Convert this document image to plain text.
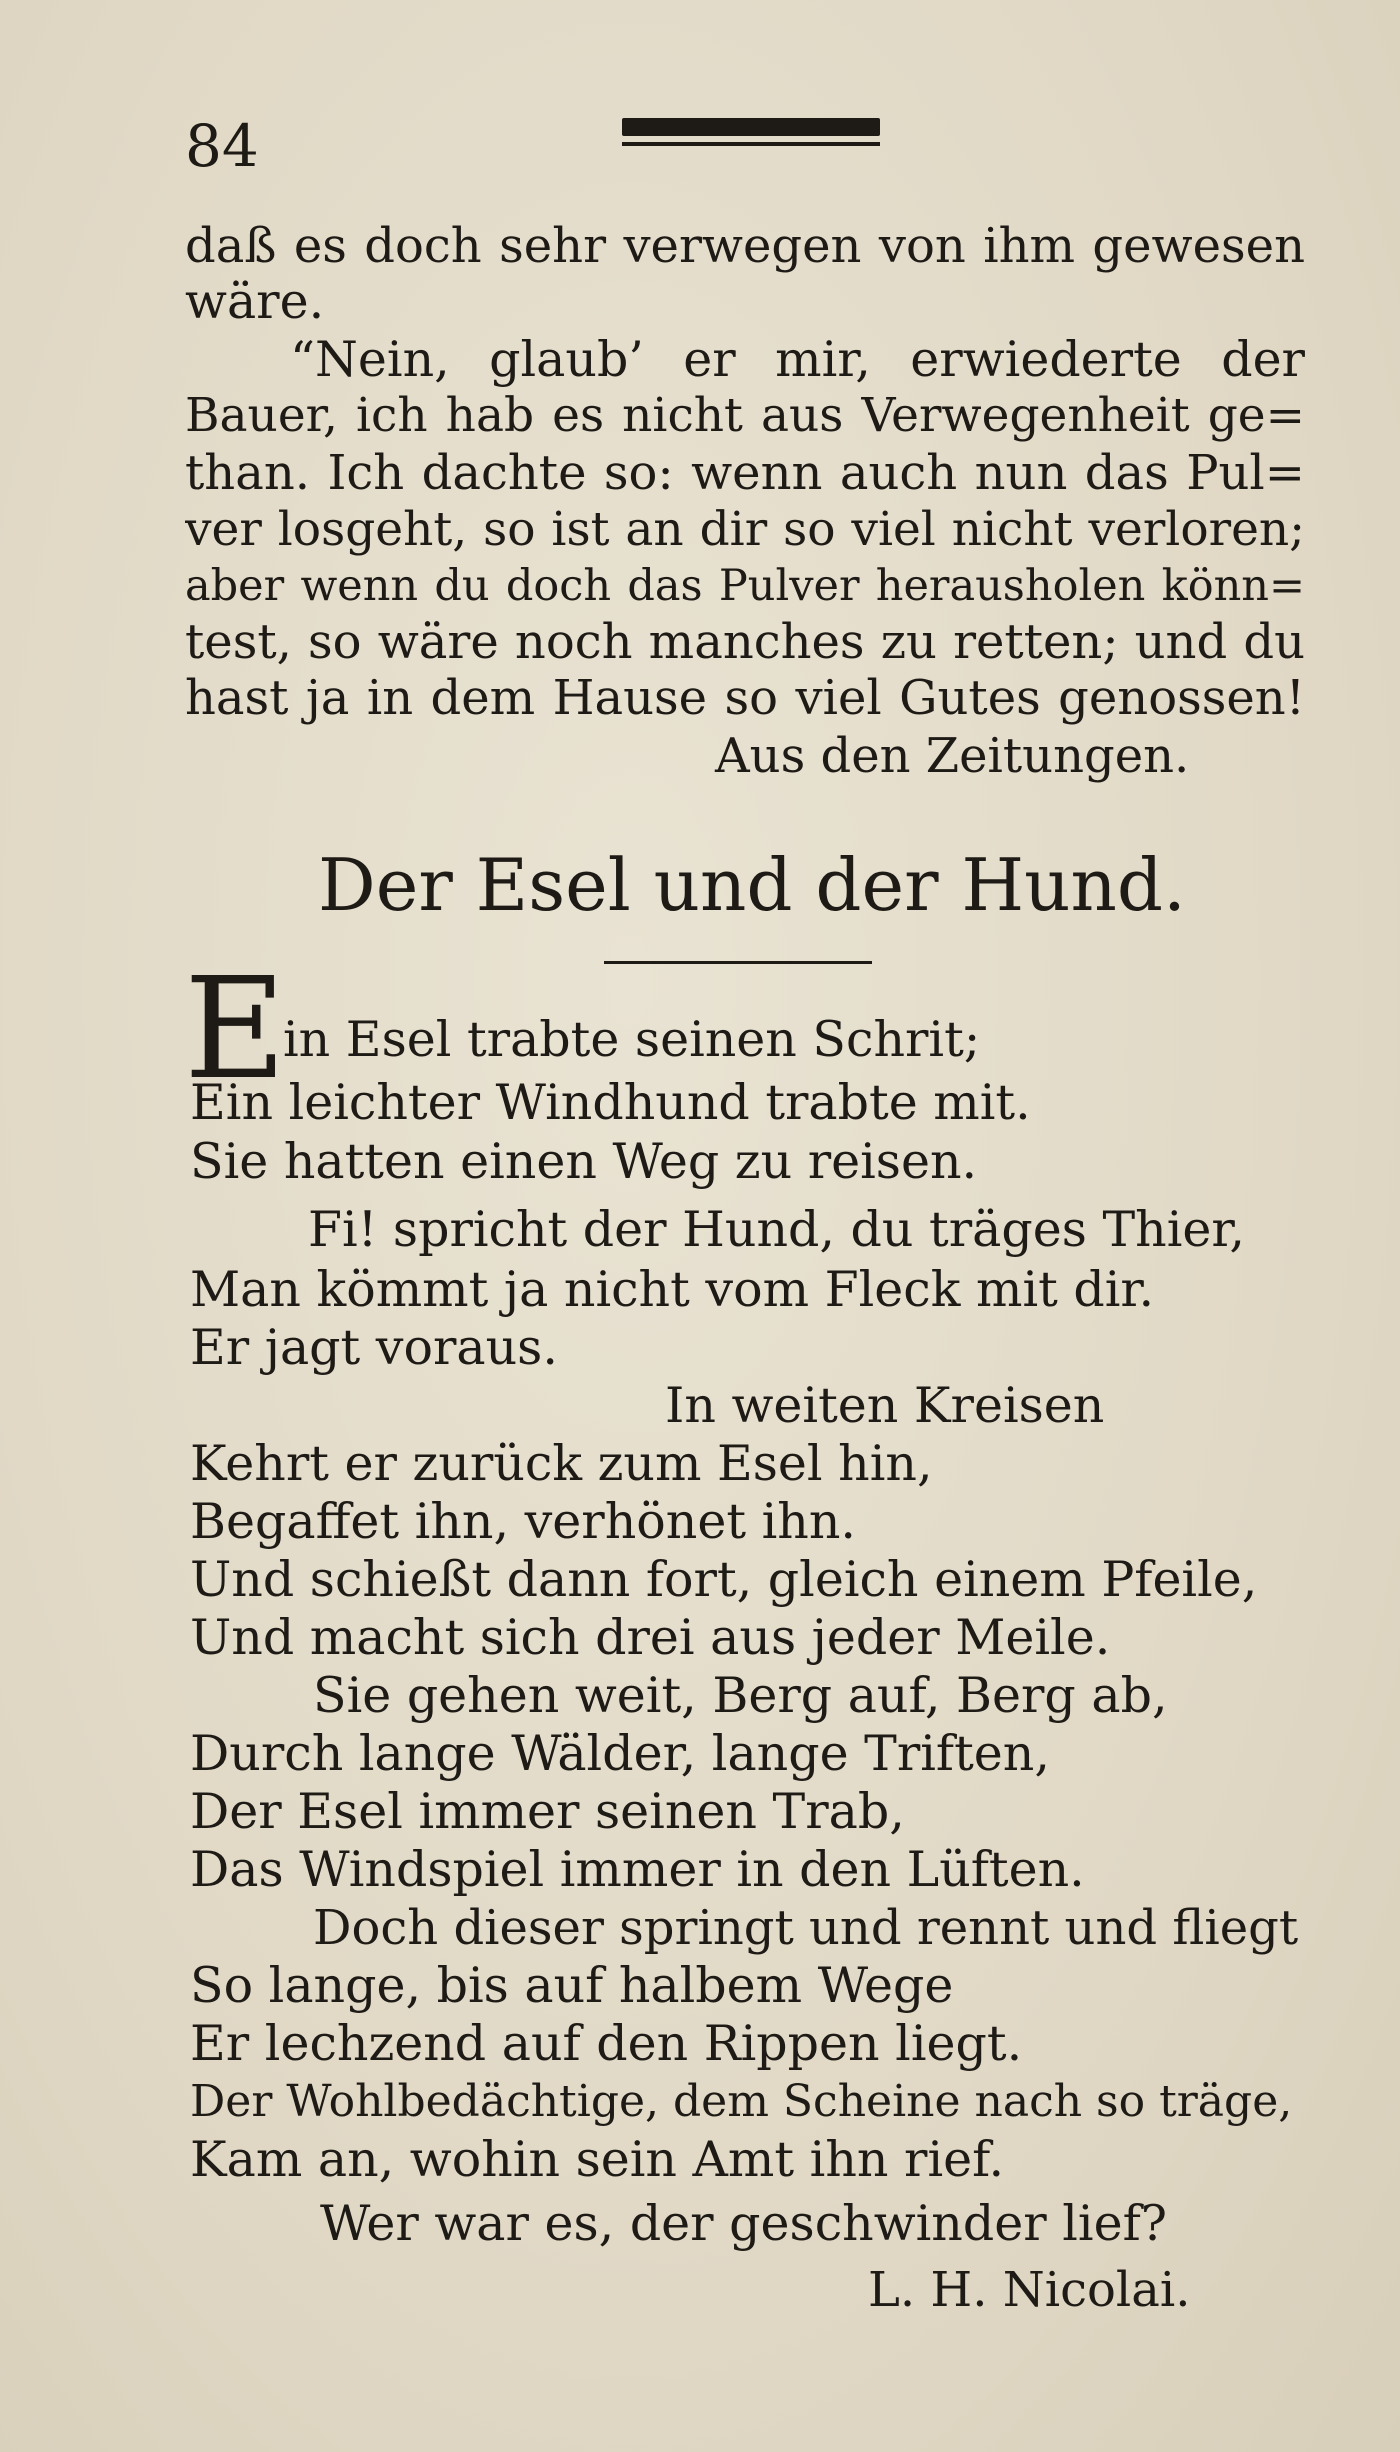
84
daß es doch sehr verwegen von ihm gewesen
wäre.
“Nein, glaub’ er mir, erwiederte der
Bauer, ich hab es nicht aus Verwegenheit ge=
than. Ich dachte so: wenn auch nun das Pul=
ver losgeht, so ist an dir so viel nicht verloren;
aber wenn du doch das Pulver herausholen könn=
test, so wäre noch manches zu retten; und du
hast ja in dem Hause so viel Gutes genossen!
Aus den Zeitungen.
Der Esel und der Hund.
E
in Esel trabte seinen Schrit;
Ein leichter Windhund trabte mit.
Sie hatten einen Weg zu reisen.
Fi! spricht der Hund, du träges Thier,
Man kömmt ja nicht vom Fleck mit dir.
Er jagt voraus.
In weiten Kreisen
Kehrt er zurück zum Esel hin,
Begaffet ihn, verhönet ihn.
Und schießt dann fort, gleich einem Pfeile,
Und macht sich drei aus jeder Meile.
Sie gehen weit, Berg auf, Berg ab,
Durch lange Wälder, lange Triften,
Der Esel immer seinen Trab,
Das Windspiel immer in den Lüften.
Doch dieser springt und rennt und fliegt
So lange, bis auf halbem Wege
Er lechzend auf den Rippen liegt.
Der Wohlbedächtige, dem Scheine nach so träge,
Kam an, wohin sein Amt ihn rief.
Wer war es, der geschwinder lief?
L. H. Nicolai.
